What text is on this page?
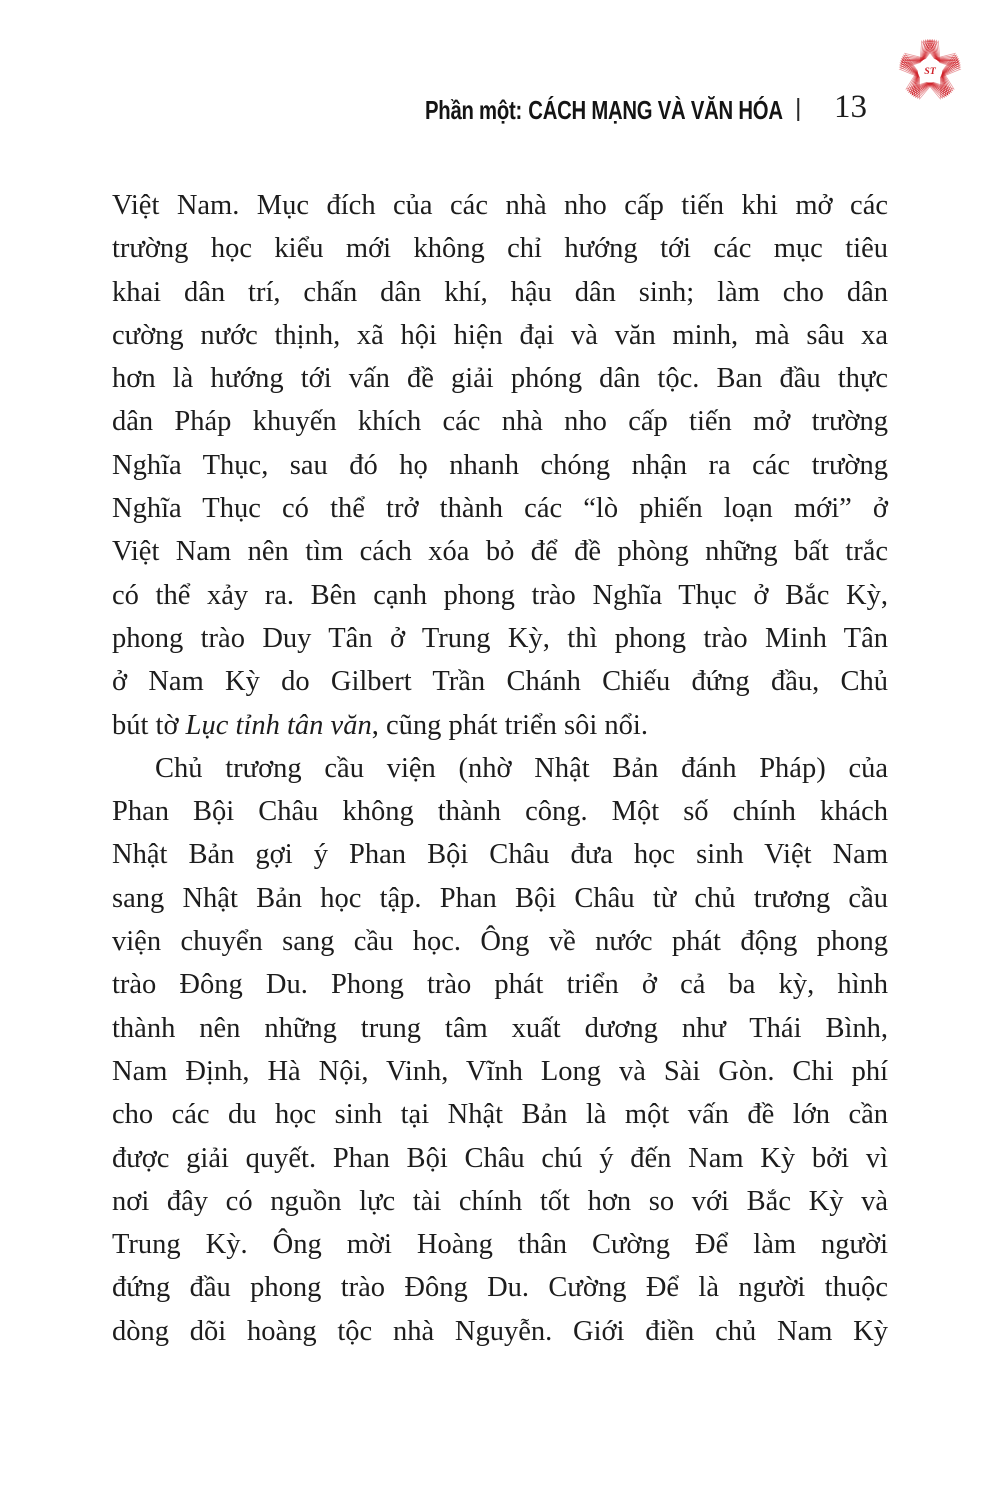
Phần một: CÁCH MẠNG VÀ VĂN HÓA | 13
ST
Việt Nam. Mục đích của các nhà nho cấp tiến khi mở các
trường học kiểu mới không chỉ hướng tới các mục tiêu
khai dân trí, chấn dân khí, hậu dân sinh; làm cho dân
cường nước thịnh, xã hội hiện đại và văn minh, mà sâu xa
hơn là hướng tới vấn đề giải phóng dân tộc. Ban đầu thực
dân Pháp khuyến khích các nhà nho cấp tiến mở trường
Nghĩa Thục, sau đó họ nhanh chóng nhận ra các trường
Nghĩa Thục có thể trở thành các “lò phiến loạn mới” ở
Việt Nam nên tìm cách xóa bỏ để đề phòng những bất trắc
có thể xảy ra. Bên cạnh phong trào Nghĩa Thục ở Bắc Kỳ,
phong trào Duy Tân ở Trung Kỳ, thì phong trào Minh Tân
ở Nam Kỳ do Gilbert Trần Chánh Chiếu đứng đầu, Chủ
bút tờ Lục tỉnh tân văn, cũng phát triển sôi nổi.
Chủ trương cầu viện (nhờ Nhật Bản đánh Pháp) của
Phan Bội Châu không thành công. Một số chính khách
Nhật Bản gợi ý Phan Bội Châu đưa học sinh Việt Nam
sang Nhật Bản học tập. Phan Bội Châu từ chủ trương cầu
viện chuyển sang cầu học. Ông về nước phát động phong
trào Đông Du. Phong trào phát triển ở cả ba kỳ, hình
thành nên những trung tâm xuất dương như Thái Bình,
Nam Định, Hà Nội, Vinh, Vĩnh Long và Sài Gòn. Chi phí
cho các du học sinh tại Nhật Bản là một vấn đề lớn cần
được giải quyết. Phan Bội Châu chú ý đến Nam Kỳ bởi vì
nơi đây có nguồn lực tài chính tốt hơn so với Bắc Kỳ và
Trung Kỳ. Ông mời Hoàng thân Cường Để làm người
đứng đầu phong trào Đông Du. Cường Để là người thuộc
dòng dõi hoàng tộc nhà Nguyễn. Giới điền chủ Nam Kỳ
